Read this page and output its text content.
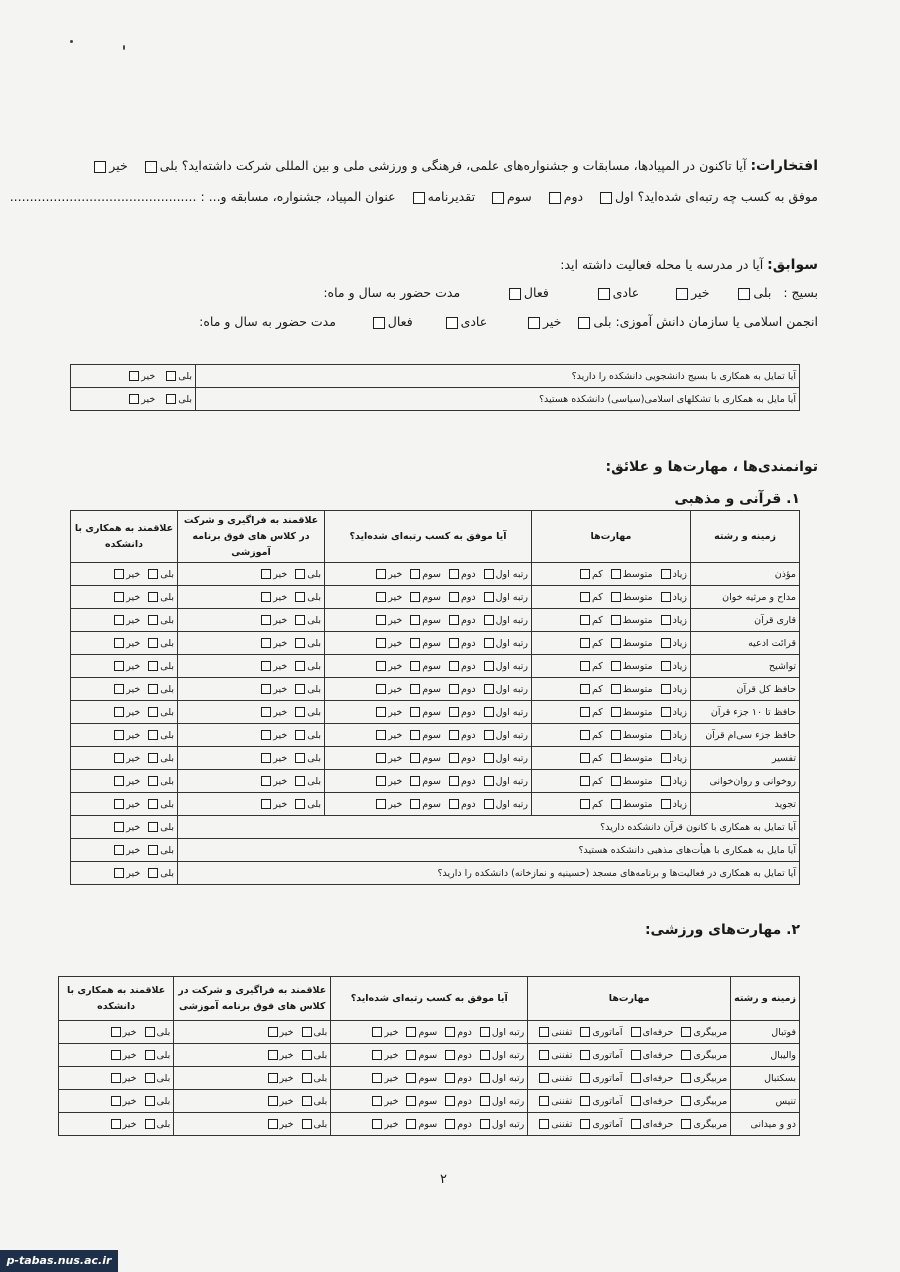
افتخارات: آیا تاکنون در المپیادها، مسابقات و جشنواره‌های علمی، فرهنگی و ورزشی ملی و بین المللی شرکت داشته‌اید؟ بلی خیر
موفق به کسب چه رتبه‌ای شده‌اید؟ اول دوم سوم تقدیرنامه عنوان المپیاد، جشنواره، مسابقه و... : ...............................................
سوابق: آیا در مدرسه یا محله فعالیت داشته اید:
بسیج :   بلی    خیر      عادی         فعال         مدت حضور به سال و ماه:
انجمن اسلامی یا سازمان دانش آموزی: بلی خیر       عادی     فعال      مدت حضور به سال و ماه:
آیا تمایل به همکاری با بسیج دانشجویی دانشکده را دارید؟	بلی خیر
آیا مایل به همکاری با تشکلهای اسلامی(سیاسی) دانشکده هستید؟	بلی خیر
توانمندی‌ها ، مهارت‌ها و علائق:
۱. قرآنی و مذهبی
زمینه و رشته	مهارت‌ها	آیا موفق به کسب رتبه‌ای شده‌اید؟	علاقمند به فراگیری و شرکت در کلاس های فوق برنامه آموزشی	علاقمند به همکاری با دانشکده
مؤذن	زیادمتوسطکم	رتبه اولدومسومخیر	بلیخیر	بلیخیر
مداح و مرثیه خوان	زیادمتوسطکم	رتبه اولدومسومخیر	بلیخیر	بلیخیر
قاری قرآن	زیادمتوسطکم	رتبه اولدومسومخیر	بلیخیر	بلیخیر
قرائت ادعیه	زیادمتوسطکم	رتبه اولدومسومخیر	بلیخیر	بلیخیر
تواشیح	زیادمتوسطکم	رتبه اولدومسومخیر	بلیخیر	بلیخیر
حافظ کل قرآن	زیادمتوسطکم	رتبه اولدومسومخیر	بلیخیر	بلیخیر
حافظ تا ۱۰ جزء قرآن	زیادمتوسطکم	رتبه اولدومسومخیر	بلیخیر	بلیخیر
حافظ جزء سی‌ام قرآن	زیادمتوسطکم	رتبه اولدومسومخیر	بلیخیر	بلیخیر
تفسیر	زیادمتوسطکم	رتبه اولدومسومخیر	بلیخیر	بلیخیر
روخوانی و روان‌خوانی	زیادمتوسطکم	رتبه اولدومسومخیر	بلیخیر	بلیخیر
تجوید	زیادمتوسطکم	رتبه اولدومسومخیر	بلیخیر	بلیخیر
آیا تمایل به همکاری با کانون قرآن دانشکده دارید؟				بلیخیر
آیا مایل به همکاری با هیأت‌های مذهبی دانشکده هستید؟				بلیخیر
آیا تمایل به همکاری در فعالیت‌ها و برنامه‌های مسجد (حسینیه و نمازخانه) دانشکده را دارید؟				بلیخیر
۲. مهارت‌های ورزشی:
زمینه و رشته	مهارت‌ها	آیا موفق به کسب رتبه‌ای شده‌اید؟	علاقمند به فراگیری و شرکت در کلاس های فوق برنامه آموزشی	علاقمند به همکاری با دانشکده
فوتبال	مربیگریحرفه‌ایآماتوریتفننی	رتبه اولدومسومخیر	بلیخیر	بلیخیر
والیبال	مربیگریحرفه‌ایآماتوریتفننی	رتبه اولدومسومخیر	بلیخیر	بلیخیر
بسکتبال	مربیگریحرفه‌ایآماتوریتفننی	رتبه اولدومسومخیر	بلیخیر	بلیخیر
تنیس	مربیگریحرفه‌ایآماتوریتفننی	رتبه اولدومسومخیر	بلیخیر	بلیخیر
دو و میدانی	مربیگریحرفه‌ایآماتوریتفننی	رتبه اولدومسومخیر	بلیخیر	بلیخیر
۲
p-tabas.nus.ac.ir
